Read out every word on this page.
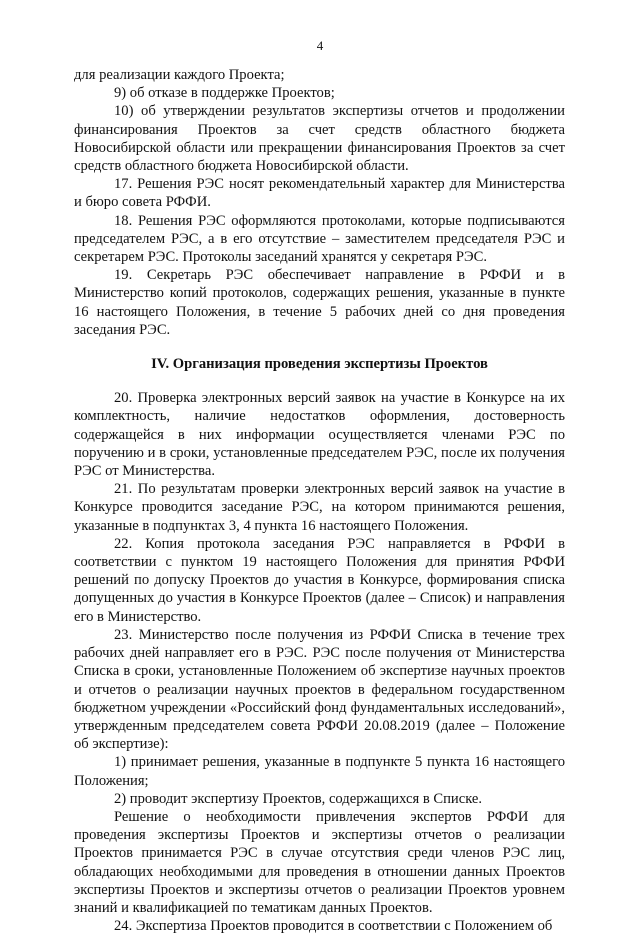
4

для реализации каждого Проекта;

9) об отказе в поддержке Проектов;

10) об утверждении результатов экспертизы отчетов и продолжении финансирования Проектов за счет средств областного бюджета Новосибирской области или прекращении финансирования Проектов за счет средств областного бюджета Новосибирской области.

17. Решения РЭС носят рекомендательный характер для Министерства и бюро совета РФФИ.

18. Решения РЭС оформляются протоколами, которые подписываются председателем РЭС, а в его отсутствие – заместителем председателя РЭС и секретарем РЭС. Протоколы заседаний хранятся у секретаря РЭС.

19. Секретарь РЭС обеспечивает направление в РФФИ и в Министерство копий протоколов, содержащих решения, указанные в пункте 16 настоящего Положения, в течение 5 рабочих дней со дня проведения заседания РЭС.

IV. Организация проведения экспертизы Проектов

20. Проверка электронных версий заявок на участие в Конкурсе на их комплектность, наличие недостатков оформления, достоверность содержащейся в них информации осуществляется членами РЭС по поручению и в сроки, установленные председателем РЭС, после их получения РЭС от Министерства.

21. По результатам проверки электронных версий заявок на участие в Конкурсе проводится заседание РЭС, на котором принимаются решения, указанные в подпунктах 3, 4 пункта 16 настоящего Положения.

22. Копия протокола заседания РЭС направляется в РФФИ в соответствии с пунктом 19 настоящего Положения для принятия РФФИ решений по допуску Проектов до участия в Конкурсе, формирования списка допущенных до участия в Конкурсе Проектов (далее – Список) и направления его в Министерство.

23. Министерство после получения из РФФИ Списка в течение трех рабочих дней направляет его в РЭС. РЭС после получения от Министерства Списка в сроки, установленные Положением об экспертизе научных проектов и отчетов о реализации научных проектов в федеральном государственном бюджетном учреждении «Российский фонд фундаментальных исследований», утвержденным председателем совета РФФИ 20.08.2019 (далее – Положение об экспертизе):

1) принимает решения, указанные в подпункте 5 пункта 16 настоящего Положения;

2) проводит экспертизу Проектов, содержащихся в Списке.

Решение о необходимости привлечения экспертов РФФИ для проведения экспертизы Проектов и экспертизы отчетов о реализации Проектов принимается РЭС в случае отсутствия среди членов РЭС лиц, обладающих необходимыми для проведения в отношении данных Проектов экспертизы Проектов и экспертизы отчетов о реализации Проектов уровнем знаний и квалификацией по тематикам данных Проектов.

24. Экспертиза Проектов проводится в соответствии с Положением об
